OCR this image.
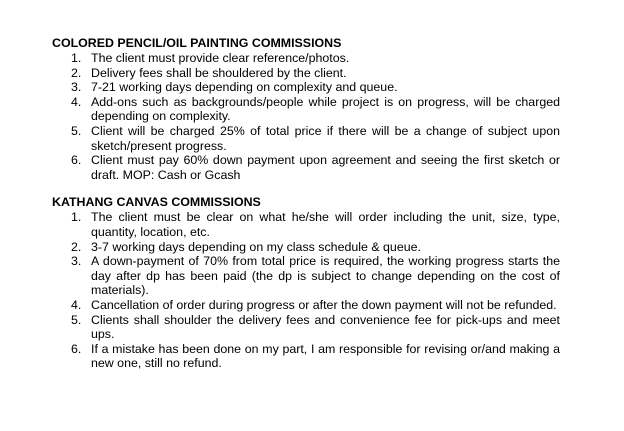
COLORED PENCIL/OIL PAINTING COMMISSIONS
1. The client must provide clear reference/photos.
2. Delivery fees shall be shouldered by the client.
3. 7-21 working days depending on complexity and queue.
4. Add-ons such as backgrounds/people while project is on progress, will be charged depending on complexity.
5. Client will be charged 25% of total price if there will be a change of subject upon sketch/present progress.
6. Client must pay 60% down payment upon agreement and seeing the first sketch or draft. MOP: Cash or Gcash
KATHANG CANVAS COMMISSIONS
1. The client must be clear on what he/she will order including the unit, size, type, quantity, location, etc.
2. 3-7 working days depending on my class schedule & queue.
3. A down-payment of 70% from total price is required, the working progress starts the day after dp has been paid (the dp is subject to change depending on the cost of materials).
4. Cancellation of order during progress or after the down payment will not be refunded.
5. Clients shall shoulder the delivery fees and convenience fee for pick-ups and meet ups.
6. If a mistake has been done on my part, I am responsible for revising or/and making a new one, still no refund.
